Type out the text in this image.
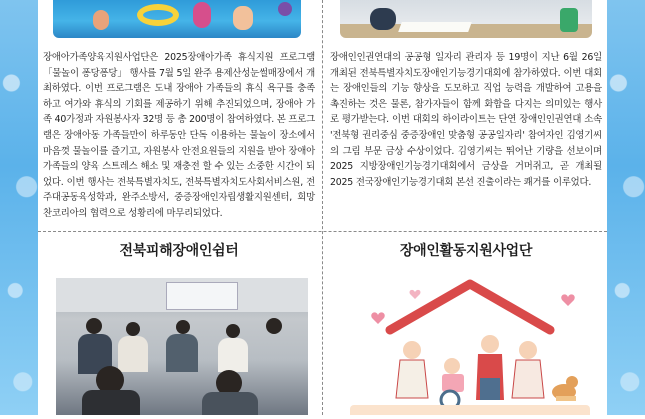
장애아가족양육지원사업단은 2025장애아가족 휴식지원 프로그램 「물놀이 퐁당퐁당」 행사를 7월 5일 완주 용제산성눈썰매장에서 개최하였다. 이번 프로그램은 도내 장애아 가족들의 휴식 욕구를 충족하고 여가와 휴식의 기회를 제공하기 위해 추진되었으며, 장애아 가족 40가정과 자원봉사자 32명 등 총 200명이 참여하였다. 본 프로그램은 장애아동 가족들만이 하루동안 단독 이용하는 물놀이 장소에서 마음껏 물놀이를 즐기고, 자원봉사 안전요원들의 지원을 받아 장애아 가족들의 양육 스트레스 해소 및 재충전 할 수 있는 소중한 시간이 되었다. 이번 행사는 전북특별자치도, 전북특별자치도사회서비스원, 전주대공동육성학과, 완주소방서, 중증장애인자립생활지원센터, 희망찬코리아의 협력으로 성황리에 마무리되었다.
전북피해장애인쉼터
장애인인권연대의 공공형 일자리 관리자 등 19명이 지난 6월 26일 개최된 전북특별자치도장애인기능경기대회에 참가하였다. 이번 대회는 장애인들의 기능 향상을 도모하고 직업 능력을 개발하여 고용을 촉진하는 것은 물론, 참가자들이 함께 화합을 다지는 의미있는 행사로 평가받는다. 이번 대회의 하이라이트는 단연 장애인인권연대 소속 '전북형 권리중심 중증장애인 맞춤형 공공일자리' 참여자인 김영기씨의 그림 부문 금상 수상이었다. 김영기씨는 뛰어난 기량을 선보이며 2025 지방장애인기능경기대회에서 금상을 거머쥐고, 곧 개최될 2025 전국장애인기능경기대회 본선 진출이라는 쾌거를 이루었다.
장애인활동지원사업단
